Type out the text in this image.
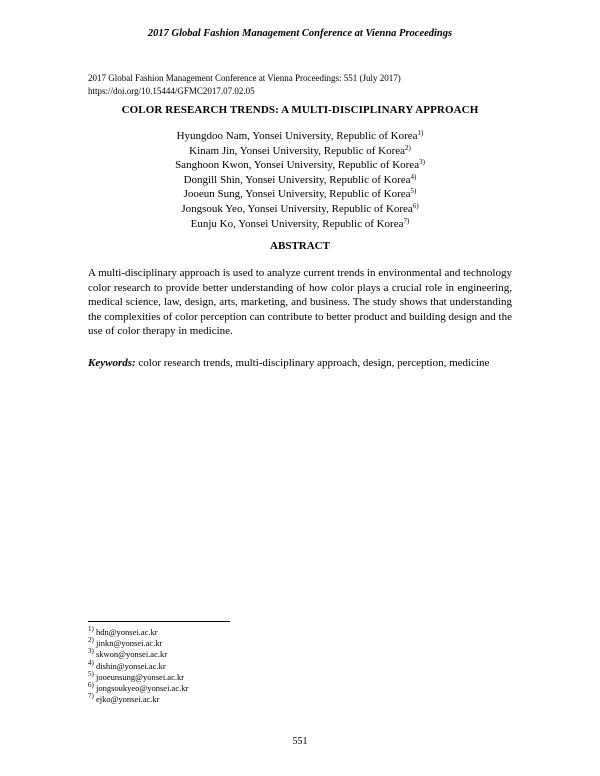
2017 Global Fashion Management Conference at Vienna Proceedings
2017 Global Fashion Management Conference at Vienna Proceedings: 551 (July 2017)
https://doi.org/10.15444/GFMC2017.07.02.05
COLOR RESEARCH TRENDS: A MULTI-DISCIPLINARY APPROACH
Hyungdoo Nam, Yonsei University, Republic of Korea$^{1)}$
Kinam Jin, Yonsei University, Republic of Korea$^{2)}$
Sanghoon Kwon, Yonsei University, Republic of Korea$^{3)}$
Dongill Shin, Yonsei University, Republic of Korea$^{4)}$
Jooeun Sung, Yonsei University, Republic of Korea$^{5)}$
Jongsouk Yeo, Yonsei University, Republic of Korea$^{6)}$
Eunju Ko, Yonsei University, Republic of Korea$^{7)}$
ABSTRACT
A multi-disciplinary approach is used to analyze current trends in environmental and technology color research to provide better understanding of how color plays a crucial role in engineering, medical science, law, design, arts, marketing, and business. The study shows that understanding the complexities of color perception can contribute to better product and building design and the use of color therapy in medicine.
Keywords: color research trends, multi-disciplinary approach, design, perception, medicine
$^{1)}$ hdn@yonsei.ac.kr
$^{2)}$ jinkn@yonsei.ac.kr
$^{3)}$ skwon@yonsei.ac.kr
$^{4)}$ dishin@yonsei.ac.kr
$^{5)}$ jooeunsung@yonsei.ac.kr
$^{6)}$ jongsoukyeo@yonsei.ac.kr
$^{7)}$ ejko@yonsei.ac.kr
551
